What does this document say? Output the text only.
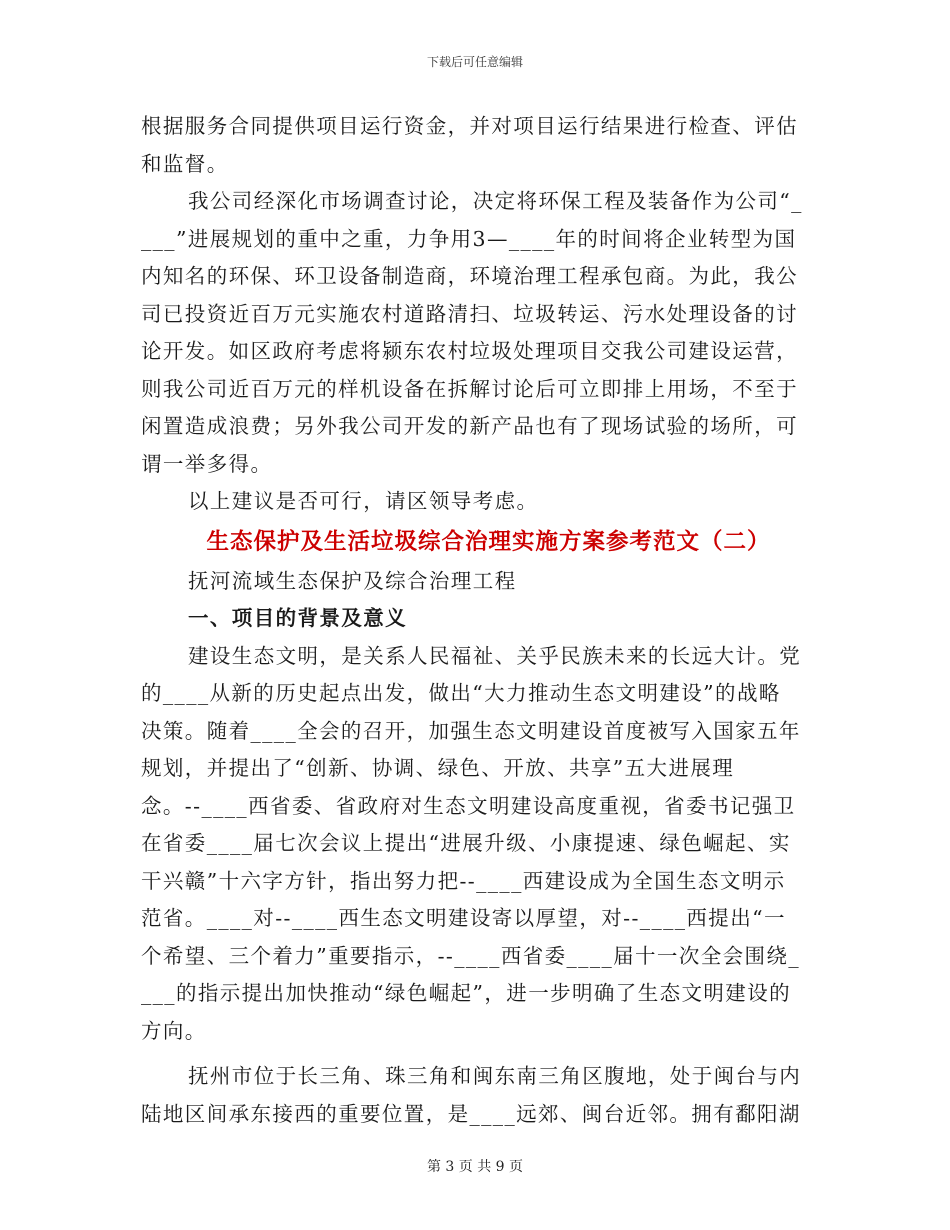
下载后可任意编辑
根据服务合同提供项目运行资金，并对项目运行结果进行检查、评估
和监督。
我公司经深化市场调查讨论，决定将环保工程及装备作为公司“_
___”进展规划的重中之重，力争用3—____年的时间将企业转型为国
内知名的环保、环卫设备制造商，环境治理工程承包商。为此，我公
司已投资近百万元实施农村道路清扫、垃圾转运、污水处理设备的讨
论开发。如区政府考虑将颍东农村垃圾处理项目交我公司建设运营，
则我公司近百万元的样机设备在拆解讨论后可立即排上用场，不至于
闲置造成浪费；另外我公司开发的新产品也有了现场试验的场所，可
谓一举多得。
以上建议是否可行，请区领导考虑。
生态保护及生活垃圾综合治理实施方案参考范文（二）
抚河流域生态保护及综合治理工程
一、项目的背景及意义
建设生态文明，是关系人民福祉、关乎民族未来的长远大计。党
的____从新的历史起点出发，做出“大力推动生态文明建设”的战略
决策。随着____全会的召开，加强生态文明建设首度被写入国家五年
规划，并提出了“创新、协调、绿色、开放、共享”五大进展理
念。--____西省委、省政府对生态文明建设高度重视，省委书记强卫
在省委____届七次会议上提出“进展升级、小康提速、绿色崛起、实
干兴赣”十六字方针，指出努力把--____西建设成为全国生态文明示
范省。____对--____西生态文明建设寄以厚望，对--____西提出“一
个希望、三个着力”重要指示，--____西省委____届十一次全会围绕_
___的指示提出加快推动“绿色崛起”，进一步明确了生态文明建设的
方向。
抚州市位于长三角、珠三角和闽东南三角区腹地，处于闽台与内
陆地区间承东接西的重要位置，是____远郊、闽台近邻。拥有鄱阳湖
第 3 页 共 9 页
